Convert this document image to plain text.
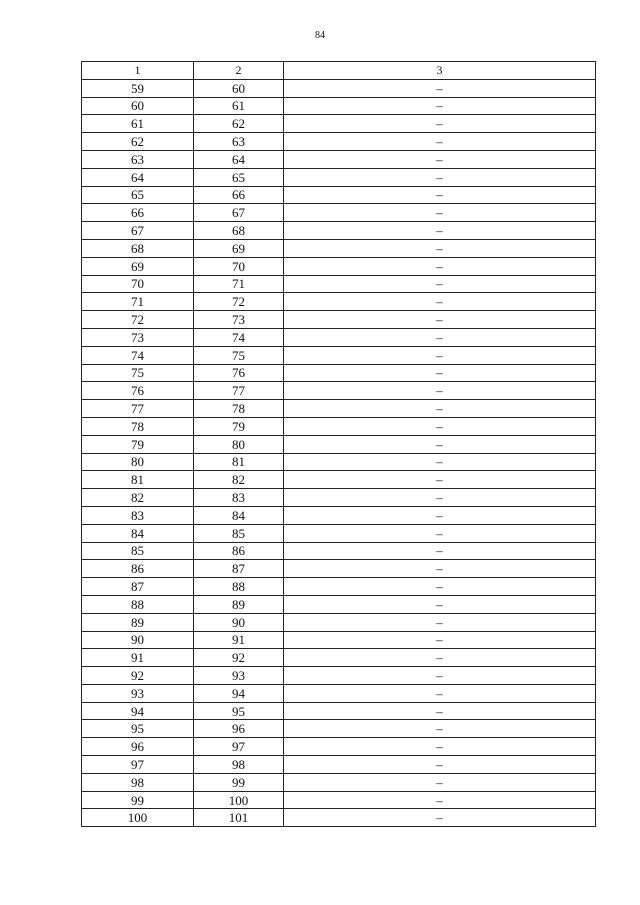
84
1	2	3
59	60	–
60	61	–
61	62	–
62	63	–
63	64	–
64	65	–
65	66	–
66	67	–
67	68	–
68	69	–
69	70	–
70	71	–
71	72	–
72	73	–
73	74	–
74	75	–
75	76	–
76	77	–
77	78	–
78	79	–
79	80	–
80	81	–
81	82	–
82	83	–
83	84	–
84	85	–
85	86	–
86	87	–
87	88	–
88	89	–
89	90	–
90	91	–
91	92	–
92	93	–
93	94	–
94	95	–
95	96	–
96	97	–
97	98	–
98	99	–
99	100	–
100	101	–
